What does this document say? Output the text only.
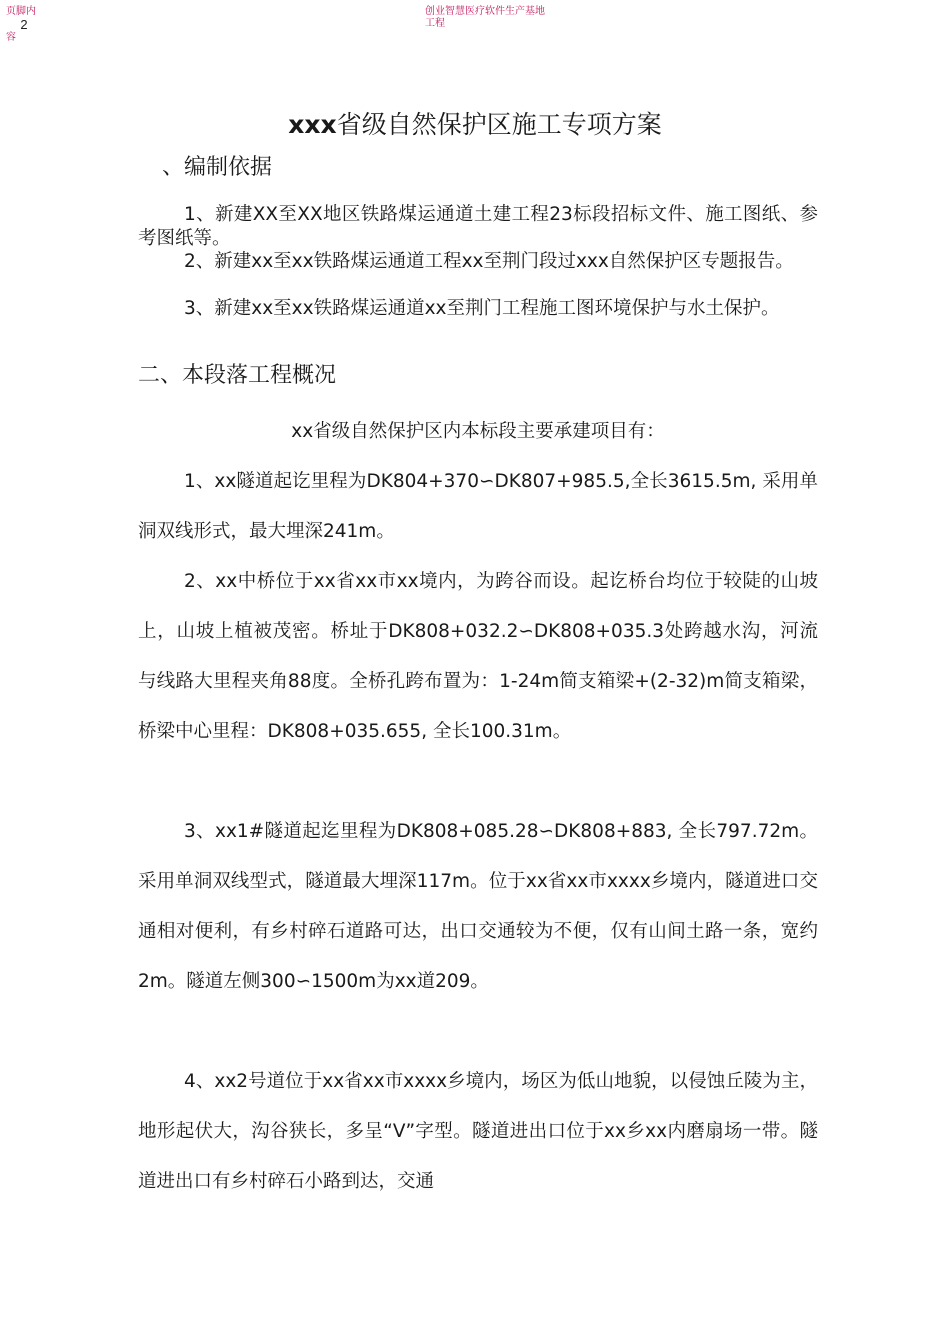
页脚内
2
容
创业智慧医疗软件生产基地
工程
xxx省级自然保护区施工专项方案
、编制依据

1、新建XX至XX地区铁路煤运通道土建工程23标段招标文件、施工图纸、参考图纸等。

2、新建xx至xx铁路煤运通道工程xx至荆门段过xxx自然保护区专题报告。

3、新建xx至xx铁路煤运通道xx至荆门工程施工图环境保护与水土保护。

二、本段落工程概况

xx省级自然保护区内本标段主要承建项目有：

1、xx隧道起讫里程为DK804+370∽DK807+985.5,全长3615.5m, 采用单洞双线形式，最大埋深241m。

2、xx中桥位于xx省xx市xx境内，为跨谷而设。起讫桥台均位于较陡的山坡上，山坡上植被茂密。桥址于DK808+032.2∽DK808+035.3处跨越水沟，河流与线路大里程夹角88度。全桥孔跨布置为：1-24m简支箱梁+(2-32)m简支箱梁，桥梁中心里程：DK808+035.655, 全长100.31m。

3、xx1#隧道起迄里程为DK808+085.28∽DK808+883, 全长797.72m。采用单洞双线型式，隧道最大埋深117m。位于xx省xx市xxxx乡境内，隧道进口交通相对便利，有乡村碎石道路可达，出口交通较为不便，仅有山间土路一条，宽约2m。隧道左侧300∽1500m为xx道209。

4、xx2号道位于xx省xx市xxxx乡境内，场区为低山地貌，以侵蚀丘陵为主，地形起伏大，沟谷狭长，多呈“V”字型。隧道进出口位于xx乡xx内磨扇场一带。隧道进出口有乡村碎石小路到达，交通
